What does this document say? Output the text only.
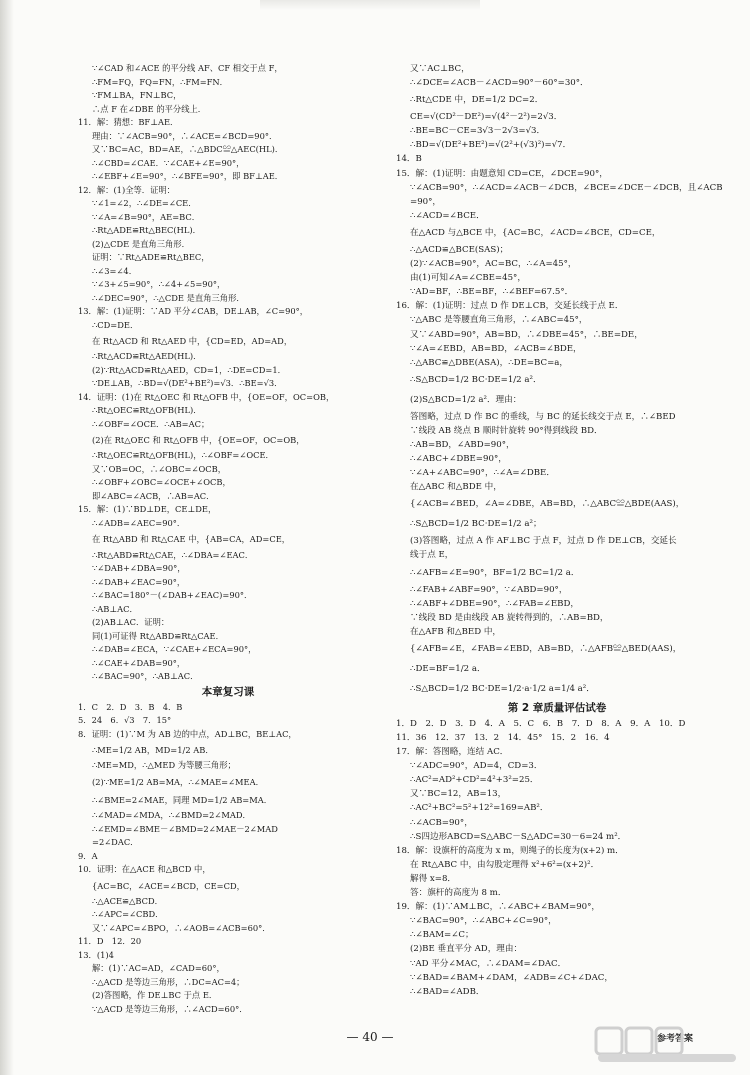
∵∠CAD 和∠ACE 的平分线 AF、CF 相交于点 F，
∴FM=FQ，FQ=FN，∴FM=FN．
∵FM⊥BA，FN⊥BC，
∴点 F 在∠DBE 的平分线上．
11．解：猜想：BF⊥AE．
理由：∵∠ACB=90°，∴∠ACE=∠BCD=90°．
又∵BC=AC，BD=AE，∴△BDC≌△AEC(HL)．
∴∠CBD=∠CAE．∵∠CAE+∠E=90°，
∴∠EBF+∠E=90°，∴∠BFE=90°，即 BF⊥AE．
12．解：(1)全等．证明：
∵∠1=∠2，∴∠DE=∠CE．
∵∠A=∠B=90°，AE=BC．
∴Rt△ADE≌Rt△BEC(HL)．
(2)△CDE 是直角三角形．
证明：∵Rt△ADE≌Rt△BEC，
∴∠3=∠4．
∵∠3+∠5=90°，∴∠4+∠5=90°，
∴∠DEC=90°，∴△CDE 是直角三角形．
13．解：(1)证明：∵AD 平分∠CAB，DE⊥AB，∠C=90°，
∴CD=DE．
在 Rt△ACD 和 Rt△AED 中，{CD=ED，AD=AD，
∴Rt△ACD≌Rt△AED(HL)．
(2)∵Rt△ACD≌Rt△AED，CD=1，∴DE=CD=1．
∵DE⊥AB，∴BD=√(DE²+BE²)=√3．∴BE=√3．
14．证明：(1)在 Rt△OEC 和 Rt△OFB 中，{OE=OF，OC=OB，
∴Rt△OEC≌Rt△OFB(HL)．
∴∠OBF=∠OCE．∴AB=AC；
(2)在 Rt△OEC 和 Rt△OFB 中，{OE=OF，OC=OB，
∴Rt△OEC≌Rt△OFB(HL)，∴∠OBF=∠OCE．
又∵OB=OC，∴∠OBC=∠OCB，
∴∠OBF+∠OBC=∠OCE+∠OCB，
即∠ABC=∠ACB，∴AB=AC．
15．解：(1)∵BD⊥DE，CE⊥DE，
∴∠ADB=∠AEC=90°．
在 Rt△ABD 和 Rt△CAE 中，{AB=CA，AD=CE，
∴Rt△ABD≌Rt△CAE，∴∠DBA=∠EAC．
∵∠DAB+∠DBA=90°，
∴∠DAB+∠EAC=90°，
∴∠BAC=180°－(∠DAB+∠EAC)=90°．
∴AB⊥AC．
(2)AB⊥AC．证明：
同(1)可证得 Rt△ABD≌Rt△CAE．
∴∠DAB=∠ECA，∵∠CAE+∠ECA=90°，
∴∠CAE+∠DAB=90°，
∴∠BAC=90°，∴AB⊥AC．
本章复习课
1．C　2．D　3．B　4．B
5．24　6．√3　7．15°
8．证明：(1)∵M 为 AB 边的中点，AD⊥BC，BE⊥AC，
∴ME=1/2 AB，MD=1/2 AB．
∴ME=MD，∴△MED 为等腰三角形；
(2)∵ME=1/2 AB=MA，∴∠MAE=∠MEA．
∴∠BME=2∠MAE，同理 MD=1/2 AB=MA．
∴∠MAD=∠MDA，∴∠BMD=2∠MAD．
∴∠EMD=∠BME－∠BMD=2∠MAE－2∠MAD
=2∠DAC．
9．A
10．证明：在△ACE 和△BCD 中，
{AC=BC，∠ACE=∠BCD，CE=CD，
∴△ACE≌△BCD．
∴∠APC=∠CBD．
又∵∠APC=∠BPO，∴∠AOB=∠ACB=60°．
11．D　12．20
13．(1)4
解：(1)∵AC=AD，∠CAD=60°，
∴△ACD 是等边三角形，∴DC=AC=4；
(2)答图略，作 DE⊥BC 于点 E．
∵△ACD 是等边三角形，∴∠ACD=60°．
又∵AC⊥BC，
∴∠DCE=∠ACB－∠ACD=90°－60°=30°．
∴Rt△CDE 中，DE=1/2 DC=2．
CE=√(CD²－DE²)=√(4²－2²)=2√3．
∴BE=BC－CE=3√3－2√3=√3．
∴BD=√(DE²+BE²)=√(2²+(√3)²)=√7．
14．B
15．解：(1)证明：由题意知 CD=CE，∠DCE=90°，
∵∠ACB=90°，∴∠ACD=∠ACB－∠DCB，∠BCE=∠DCE－∠DCB，且∠ACB
=90°，
∴∠ACD=∠BCE．
在△ACD 与△BCE 中，{AC=BC，∠ACD=∠BCE，CD=CE，
∴△ACD≌△BCE(SAS)；
(2)∵∠ACB=90°，AC=BC，∴∠A=45°，
由(1)可知∠A=∠CBE=45°，
∵AD=BF，∴BE=BF，∴∠BEF=67.5°．
16．解：(1)证明：过点 D 作 DE⊥CB，交延长线于点 E．
∵△ABC 是等腰直角三角形，∴∠ABC=45°，
又∵∠ABD=90°，AB=BD，∴∠DBE=45°，∴BE=DE，
∵∠A=∠EBD，AB=BD，∠ACB=∠BDE，
∴△ABC≌△DBE(ASA)，∴DE=BC=a，
∴S△BCD=1/2 BC·DE=1/2 a²．
(2)S△BCD=1/2 a²．理由：
答图略，过点 D 作 BC 的垂线，与 BC 的延长线交于点 E，∴∠BED
∵线段 AB 绕点 B 顺时针旋转 90°得到线段 BD．
∴AB=BD，∠ABD=90°，
∴∠ABC+∠DBE=90°，
∵∠A+∠ABC=90°，∴∠A=∠DBE．
在△ABC 和△BDE 中，
{∠ACB=∠BED，∠A=∠DBE，AB=BD，∴△ABC≌△BDE(AAS)，
∴S△BCD=1/2 BC·DE=1/2 a²；
(3)答图略，过点 A 作 AF⊥BC 于点 F，过点 D 作 DE⊥CB，交延长
线于点 E，
∴∠AFB=∠E=90°，BF=1/2 BC=1/2 a．
∴∠FAB+∠ABF=90°，∵∠ABD=90°，
∴∠ABF+∠DBE=90°，∴∠FAB=∠EBD，
∵线段 BD 是由线段 AB 旋转得到的，∴AB=BD，
在△AFB 和△BED 中，
{∠AFB=∠E，∠FAB=∠EBD，AB=BD，∴△AFB≌△BED(AAS)，
∴DE=BF=1/2 a．
∴S△BCD=1/2 BC·DE=1/2·a·1/2 a=1/4 a²．
第 2 章质量评估试卷
1．D　2．D　3．D　4．A　5．C　6．B　7．D　8．A　9．A　10．D
11．36　12．37　13．2　14．45°　15．2　16．4
17．解：答图略，连结 AC．
∵∠ADC=90°，AD=4，CD=3．
∴AC²=AD²+CD²=4²+3²=25．
又∵BC=12，AB=13，
∴AC²+BC²=5²+12²=169=AB²．
∴∠ACB=90°，
∴S四边形ABCD=S△ABC－S△ADC=30－6=24 m²．
18．解：设旗杆的高度为 x m，则绳子的长度为(x+2) m．
在 Rt△ABC 中，由勾股定理得 x²+6²=(x+2)²．
解得 x=8．
答：旗杆的高度为 8 m．
19．解：(1)∵AM⊥BC，∴∠ABC+∠BAM=90°，
∵∠BAC=90°，∴∠ABC+∠C=90°，
∴∠BAM=∠C；
(2)BE 垂直平分 AD，理由：
∵AD 平分∠MAC，∴∠DAM=∠DAC．
∵∠BAD=∠BAM+∠DAM，∠ADB=∠C+∠DAC，
∴∠BAD=∠ADB．
— 40 —	参考答案
